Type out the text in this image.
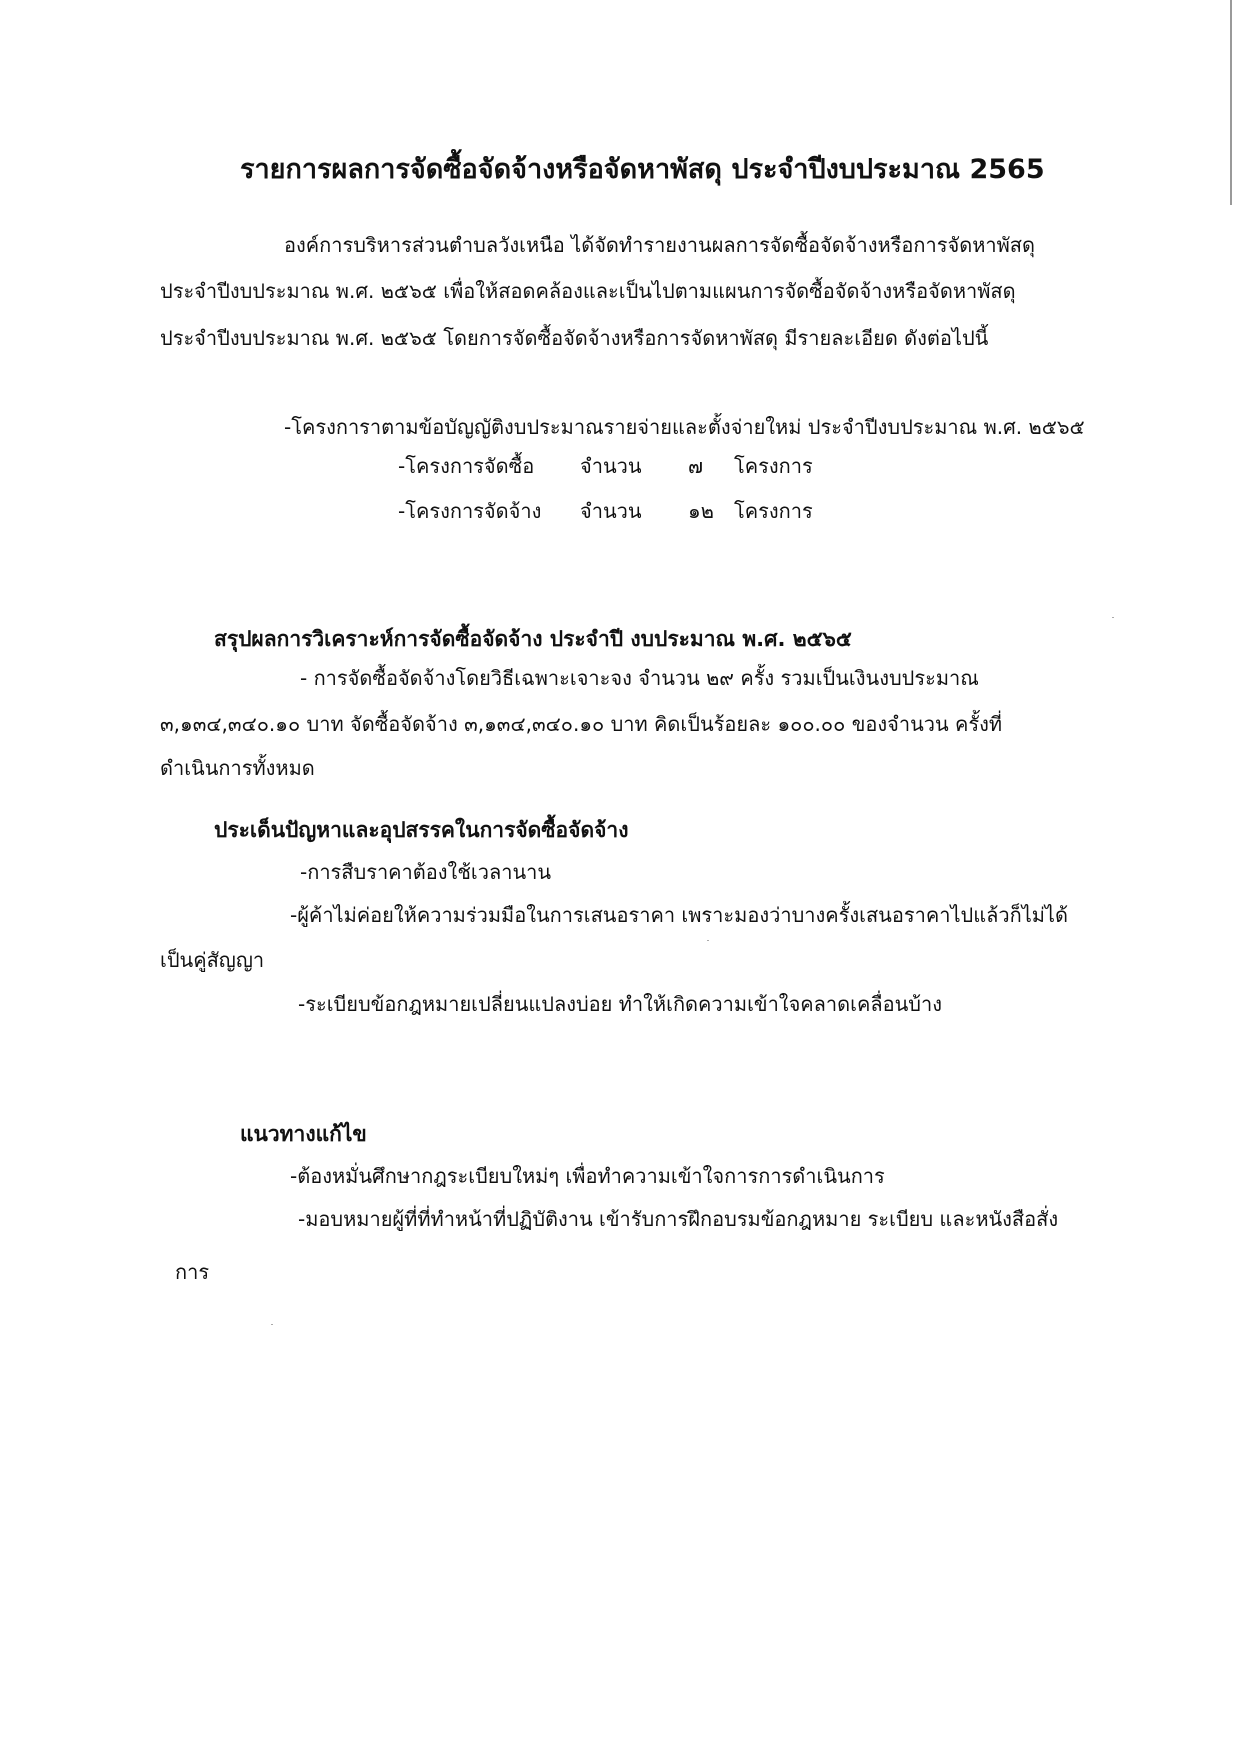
รายการผลการจัดซื้อจัดจ้างหรือจัดหาพัสดุ ประจำปีงบประมาณ 2565
องค์การบริหารส่วนตำบลวังเหนือ ได้จัดทำรายงานผลการจัดซื้อจัดจ้างหรือการจัดหาพัสดุ
ประจำปีงบประมาณ พ.ศ. ๒๕๖๕ เพื่อให้สอดคล้องและเป็นไปตามแผนการจัดซื้อจัดจ้างหรือจัดหาพัสดุ
ประจำปีงบประมาณ พ.ศ. ๒๕๖๕ โดยการจัดซื้อจัดจ้างหรือการจัดหาพัสดุ มีรายละเอียด ดังต่อไปนี้
-โครงการาตามข้อบัญญัติงบประมาณรายจ่ายและตั้งจ่ายใหม่ ประจำปีงบประมาณ พ.ศ. ๒๕๖๕
-โครงการจัดซื้อ จำนวน ๗ โครงการ
-โครงการจัดจ้าง จำนวน ๑๒ โครงการ
สรุปผลการวิเคราะห์การจัดซื้อจัดจ้าง ประจำปี งบประมาณ พ.ศ. ๒๕๖๕
- การจัดซื้อจัดจ้างโดยวิธีเฉพาะเจาะจง จำนวน ๒๙ ครั้ง รวมเป็นเงินงบประมาณ
๓,๑๓๔,๓๔๐.๑๐ บาท จัดซื้อจัดจ้าง ๓,๑๓๔,๓๔๐.๑๐ บาท คิดเป็นร้อยละ ๑๐๐.๐๐ ของจำนวน ครั้งที่
ดำเนินการทั้งหมด
ประเด็นปัญหาและอุปสรรคในการจัดซื้อจัดจ้าง
-การสืบราคาต้องใช้เวลานาน
-ผู้ค้าไม่ค่อยให้ความร่วมมือในการเสนอราคา เพราะมองว่าบางครั้งเสนอราคาไปแล้วก็ไม่ได้
เป็นคู่สัญญา
-ระเบียบข้อกฎหมายเปลี่ยนแปลงบ่อย ทำให้เกิดความเข้าใจคลาดเคลื่อนบ้าง
แนวทางแก้ไข
-ต้องหมั่นศึกษากฎระเบียบใหม่ๆ เพื่อทำความเข้าใจการการดำเนินการ
-มอบหมายผู้ที่ที่ทำหน้าที่ปฏิบัติงาน เข้ารับการฝึกอบรมข้อกฎหมาย ระเบียบ และหนังสือสั่ง
การ
